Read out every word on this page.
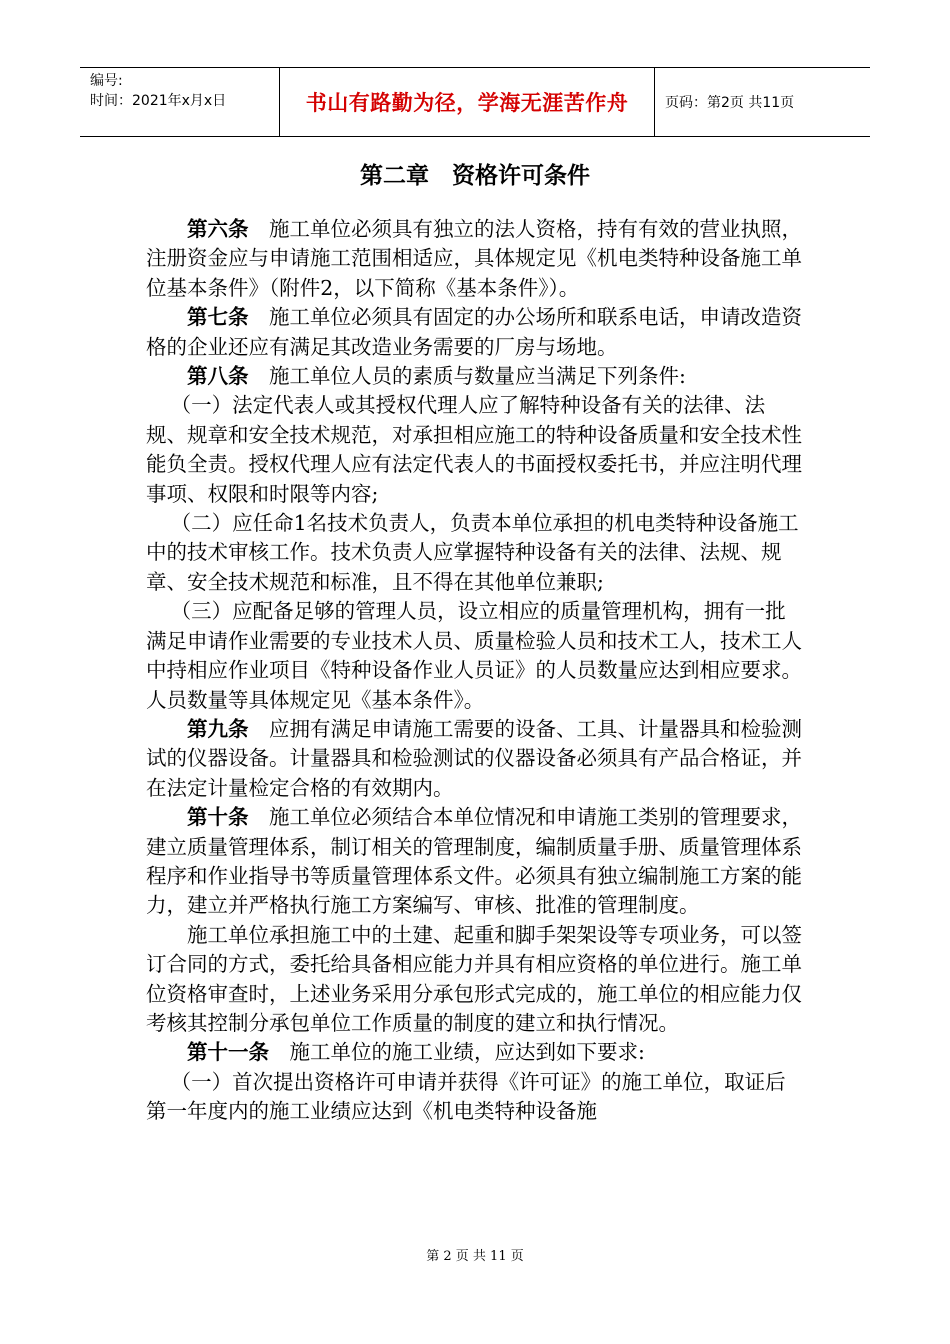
编号:
时间：2021年x月x日	书山有路勤为径，学海无涯苦作舟	页码：第2页 共11页
第二章　资格许可条件

第六条　施工单位必须具有独立的法人资格，持有有效的营业执照，注册资金应与申请施工范围相适应，具体规定见《机电类特种设备施工单位基本条件》（附件2，以下简称《基本条件》）。

第七条　施工单位必须具有固定的办公场所和联系电话，申请改造资格的企业还应有满足其改造业务需要的厂房与场地。

第八条　施工单位人员的素质与数量应当满足下列条件:

（一）法定代表人或其授权代理人应了解特种设备有关的法律、法规、规章和安全技术规范，对承担相应施工的特种设备质量和安全技术性能负全责。授权代理人应有法定代表人的书面授权委托书，并应注明代理事项、权限和时限等内容;

（二）应任命1名技术负责人，负责本单位承担的机电类特种设备施工中的技术审核工作。技术负责人应掌握特种设备有关的法律、法规、规章、安全技术规范和标准，且不得在其他单位兼职;

（三）应配备足够的管理人员，设立相应的质量管理机构，拥有一批满足申请作业需要的专业技术人员、质量检验人员和技术工人，技术工人中持相应作业项目《特种设备作业人员证》的人员数量应达到相应要求。人员数量等具体规定见《基本条件》。

第九条　应拥有满足申请施工需要的设备、工具、计量器具和检验测试的仪器设备。计量器具和检验测试的仪器设备必须具有产品合格证，并在法定计量检定合格的有效期内。

第十条　施工单位必须结合本单位情况和申请施工类别的管理要求，建立质量管理体系，制订相关的管理制度，编制质量手册、质量管理体系程序和作业指导书等质量管理体系文件。必须具有独立编制施工方案的能力，建立并严格执行施工方案编写、审核、批准的管理制度。

施工单位承担施工中的土建、起重和脚手架架设等专项业务，可以签订合同的方式，委托给具备相应能力并具有相应资格的单位进行。施工单位资格审查时，上述业务采用分承包形式完成的，施工单位的相应能力仅考核其控制分承包单位工作质量的制度的建立和执行情况。

第十一条　施工单位的施工业绩，应达到如下要求:

（一）首次提出资格许可申请并获得《许可证》的施工单位，取证后第一年度内的施工业绩应达到《机电类特种设备施

第 2 页 共 11 页
